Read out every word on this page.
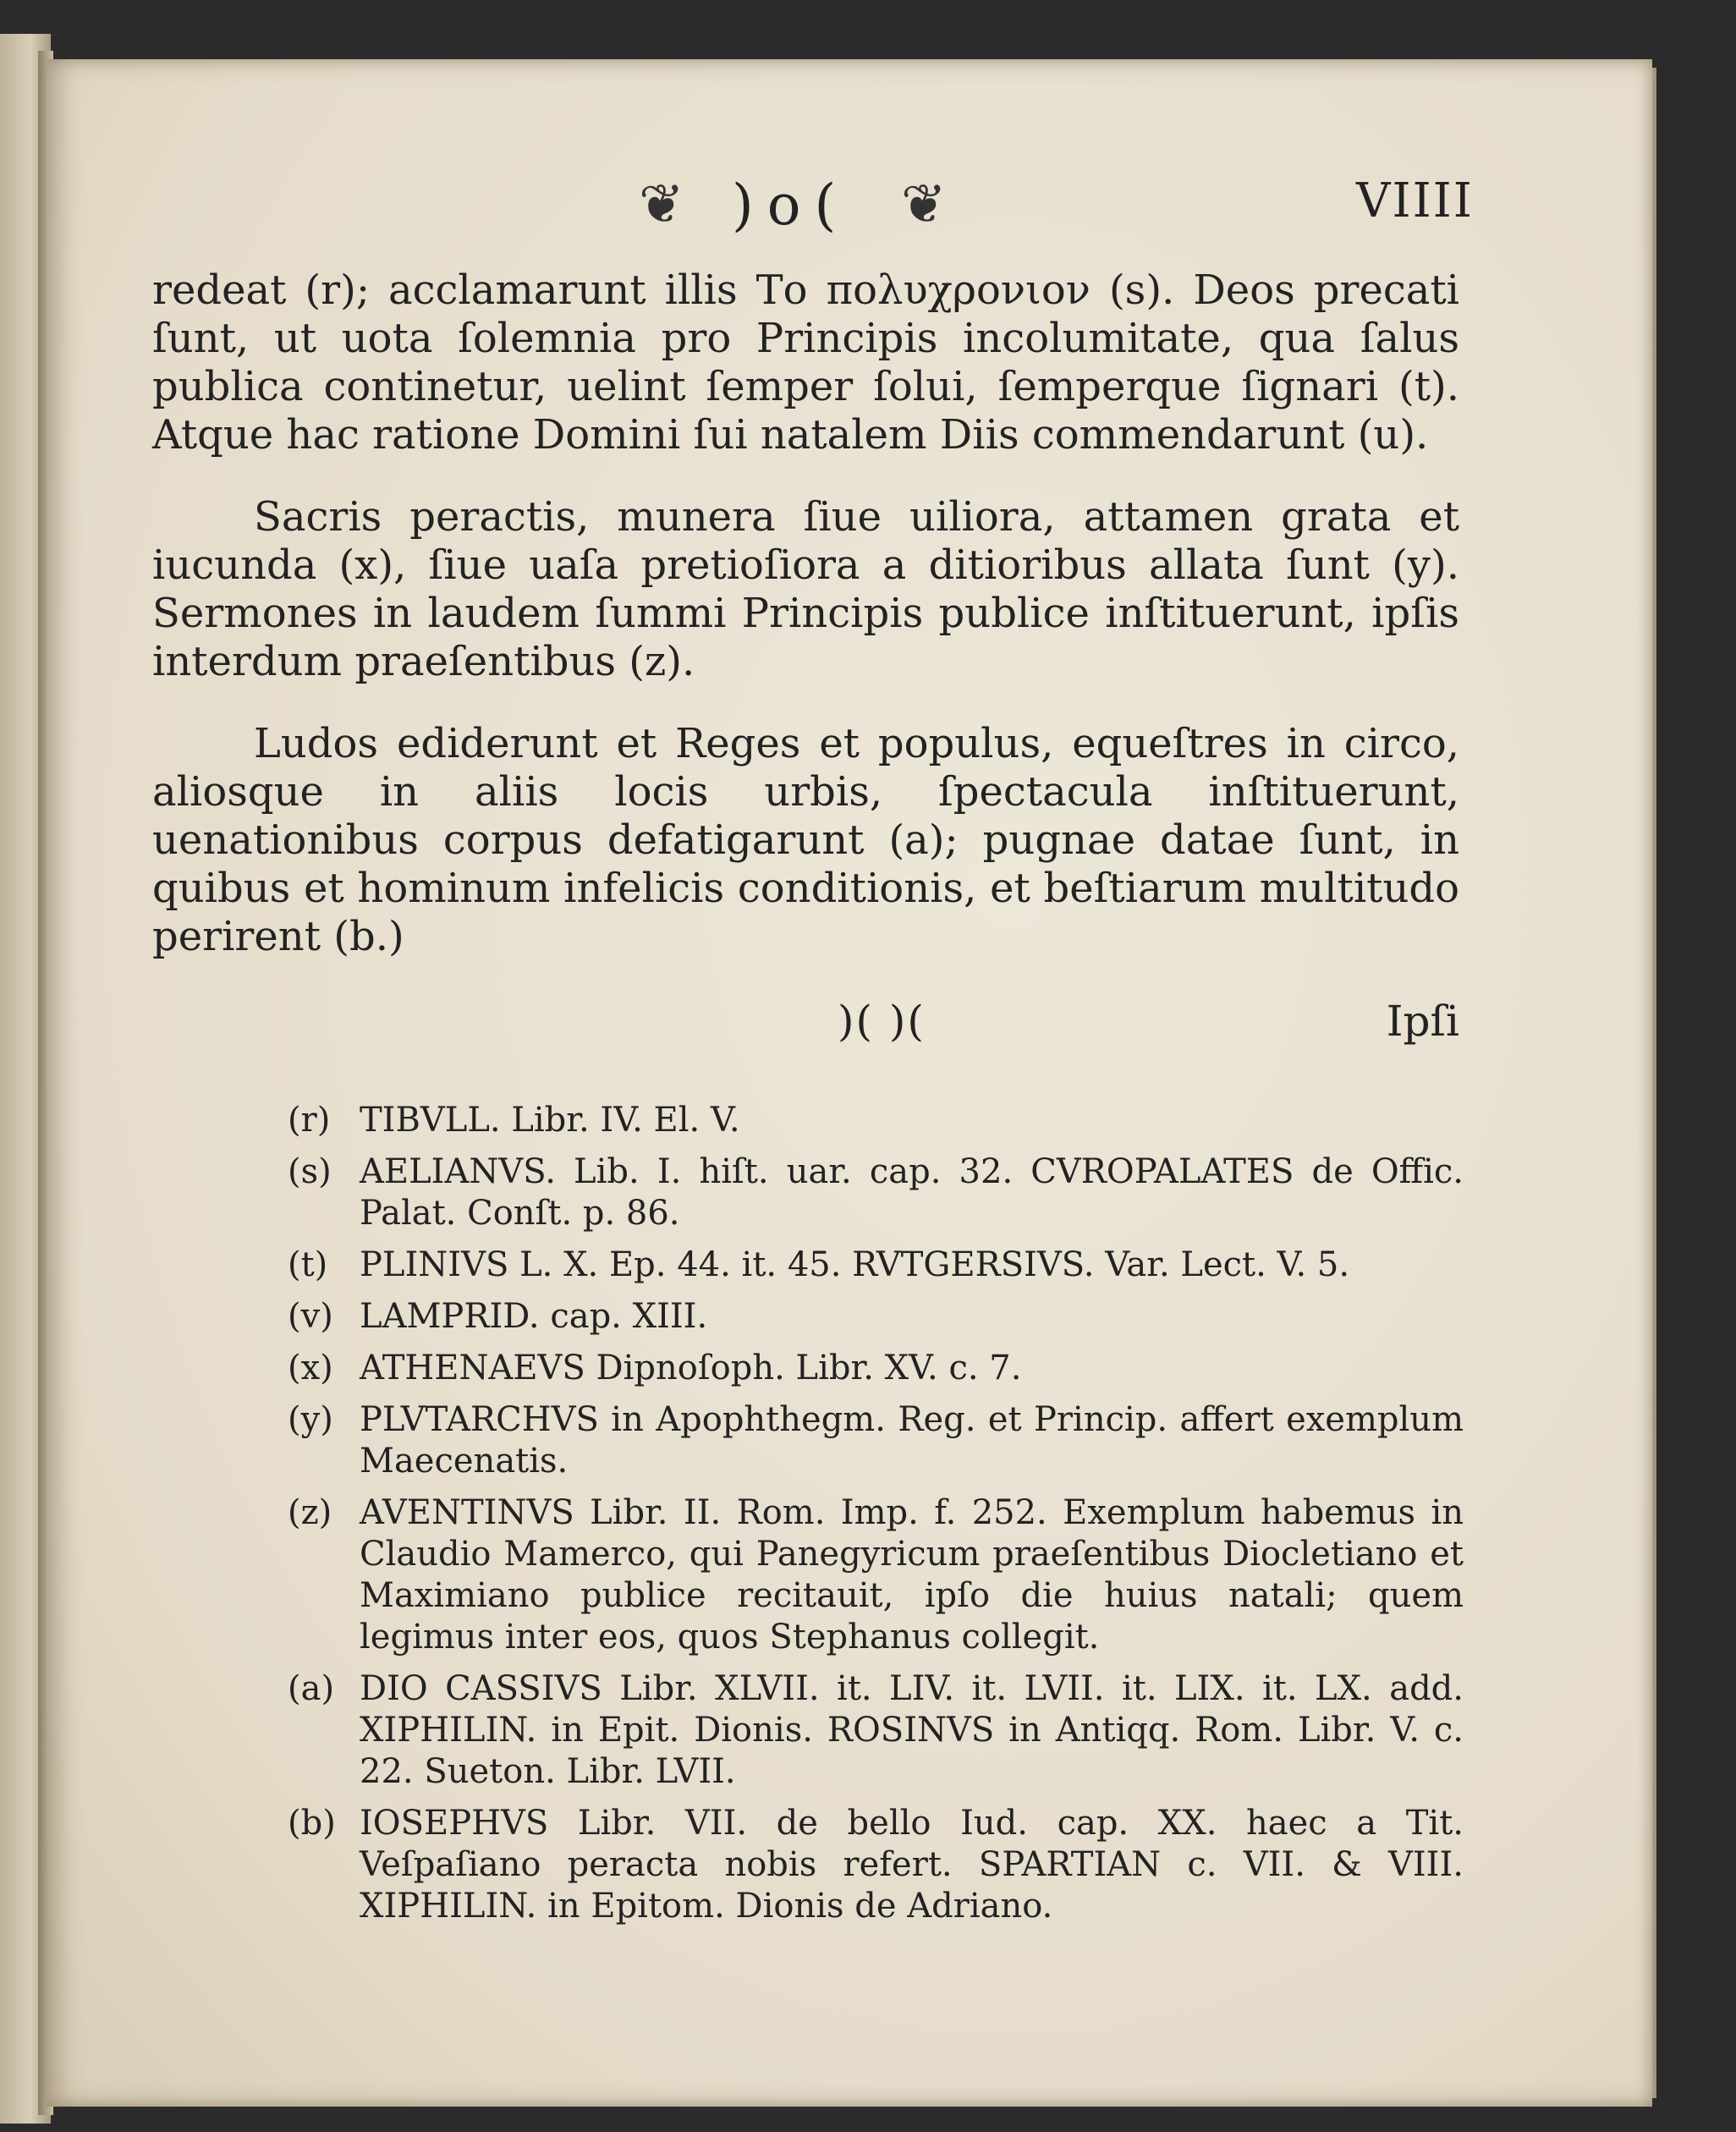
❦ )o( ❦	VIIII

redeat (r); acclamarunt illis Το πολυχρονιον (s). Deos precati ſunt, ut uota ſolemnia pro Principis incolumitate, qua ſalus publica continetur, uelint ſemper ſolui, ſemperque ſignari (t). Atque hac ratione Domini ſui natalem Diis commendarunt (u).

Sacris peractis, munera ſiue uiliora, attamen grata et iucunda (x), ſiue uaſa pretioſiora a ditioribus allata ſunt (y). Sermones in laudem ſummi Principis publice inſtituerunt, ipſis interdum praeſentibus (z).

Ludos ediderunt et Reges et populus, equeſtres in circo, aliosque in aliis locis urbis, ſpectacula inſtituerunt, uenationibus corpus defatigarunt (a); pugnae datae ſunt, in quibus et hominum infelicis conditionis, et beſtiarum multitudo perirent (b.)

)( )(	Ipſi
(r) TIBVLL. Libr. IV. El. V.
(s) AELIANVS. Lib. I. hiſt. uar. cap. 32. CVROPALATES de Offic. Palat. Conſt. p. 86.
(t) PLINIVS L. X. Ep. 44. it. 45. RVTGERSIVS. Var. Lect. V. 5.
(v) LAMPRID. cap. XIII.
(x) ATHENAEVS Dipnoſoph. Libr. XV. c. 7.
(y) PLVTARCHVS in Apophthegm. Reg. et Princip. affert exemplum Maecenatis.
(z) AVENTINVS Libr. II. Rom. Imp. f. 252. Exemplum habemus in Claudio Mamerco, qui Panegyricum praeſentibus Diocletiano et Maximiano publice recitauit, ipſo die huius natali; quem legimus inter eos, quos Stephanus collegit.
(a) DIO CASSIVS Libr. XLVII. it. LIV. it. LVII. it. LIX. it. LX. add. XIPHILIN. in Epit. Dionis. ROSINVS in Antiqq. Rom. Libr. V. c. 22. Sueton. Libr. LVII.
(b) IOSEPHVS Libr. VII. de bello Iud. cap. XX. haec a Tit. Veſpaſiano peracta nobis refert. SPARTIAN c. VII. & VIII. XIPHILIN. in Epitom. Dionis de Adriano.
